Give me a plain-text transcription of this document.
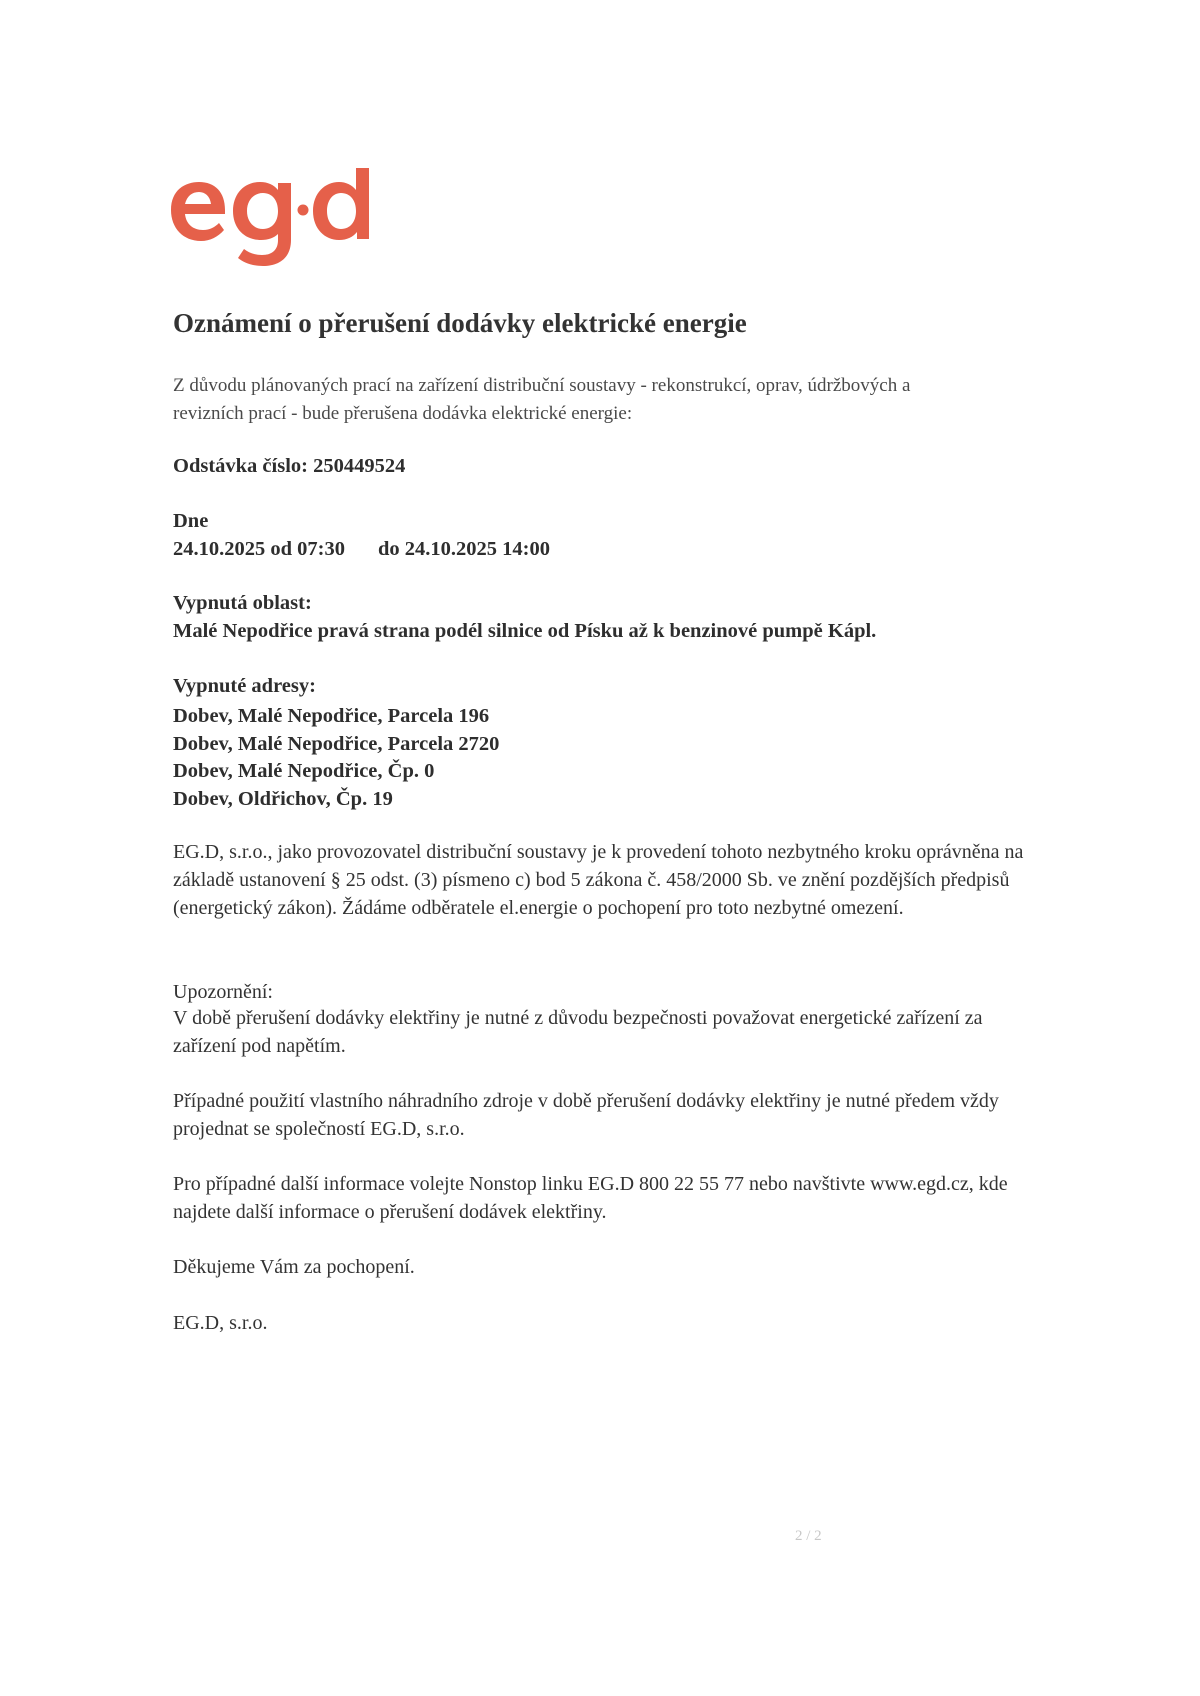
Oznámení o přerušení dodávky elektrické energie
Z důvodu plánovaných prací na zařízení distribuční soustavy - rekonstrukcí, oprav, údržbových a revizních prací - bude přerušena dodávka elektrické energie:
Odstávka číslo: 250449524
Dne
24.10.2025 od 07:30 do 24.10.2025 14:00
Vypnutá oblast:
Malé Nepodřice pravá strana podél silnice od Písku až k benzinové pumpě Kápl.
Vypnuté adresy:
Dobev, Malé Nepodřice, Parcela 196
Dobev, Malé Nepodřice, Parcela 2720
Dobev, Malé Nepodřice, Čp. 0
Dobev, Oldřichov, Čp. 19
EG.D, s.r.o., jako provozovatel distribuční soustavy je k provedení tohoto nezbytného kroku oprávněna na základě ustanovení § 25 odst. (3) písmeno c) bod 5 zákona č. 458/2000 Sb. ve znění pozdějších předpisů (energetický zákon). Žádáme odběratele el.energie o pochopení pro toto nezbytné omezení.
Upozornění:
V době přerušení dodávky elektřiny je nutné z důvodu bezpečnosti považovat energetické zařízení za zařízení pod napětím.
Případné použití vlastního náhradního zdroje v době přerušení dodávky elektřiny je nutné předem vždy projednat se společností EG.D, s.r.o.
Pro případné další informace volejte Nonstop linku EG.D 800 22 55 77 nebo navštivte www.egd.cz, kde najdete další informace o přerušení dodávek elektřiny.
Děkujeme Vám za pochopení.
EG.D, s.r.o.
2 / 2
